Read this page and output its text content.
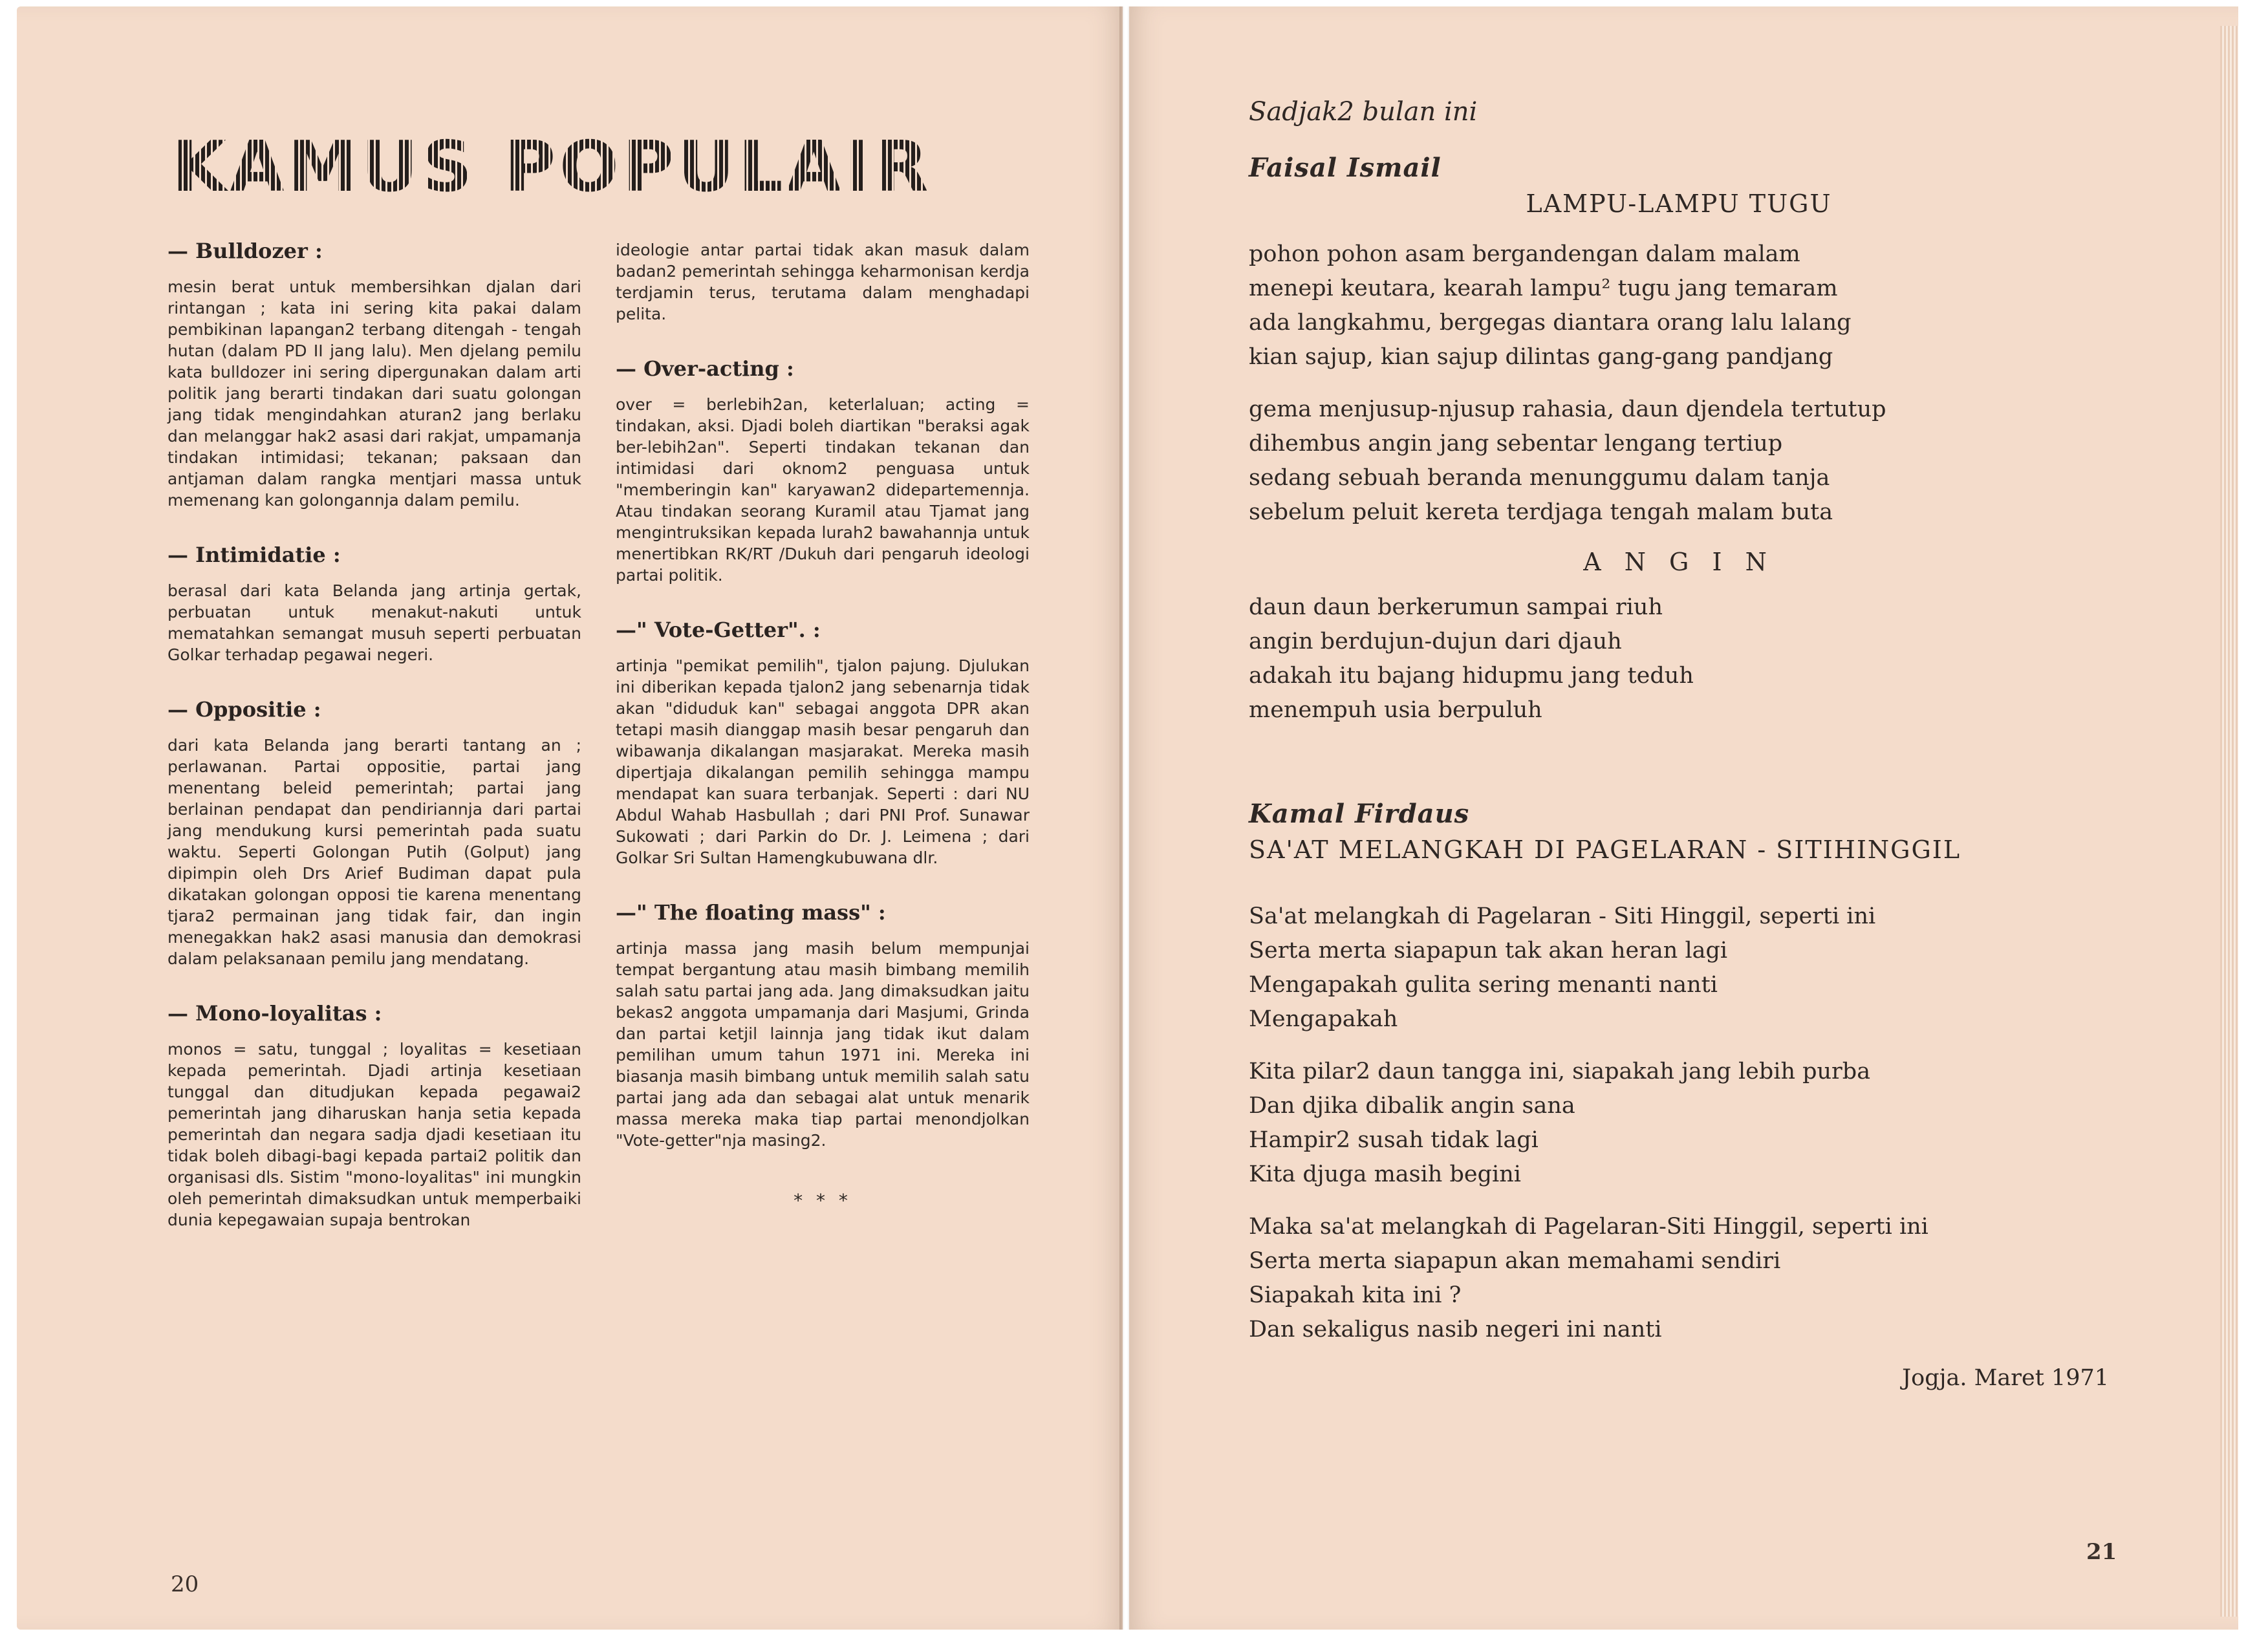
KAMUS POPULAIR
— Bulldozer :

mesin berat untuk membersihkan djalan dari rintangan ; kata ini sering kita pakai dalam pembikinan lapangan2 terbang ditengah - tengah hutan (dalam PD II jang lalu). Men djelang pemilu kata bulldozer ini sering dipergunakan dalam arti politik jang berarti tindakan dari suatu golongan jang tidak mengindahkan aturan2 jang berlaku dan melanggar hak2 asasi dari rakjat, umpamanja tindakan intimidasi; tekanan; paksaan dan antjaman dalam rangka mentjari massa untuk memenang kan golongannja dalam pemilu.

— Intimidatie :

berasal dari kata Belanda jang artinja gertak, perbuatan untuk menakut-nakuti untuk mematahkan semangat musuh seperti perbuatan Golkar terhadap pegawai negeri.

— Oppositie :

dari kata Belanda jang berarti tantang an ; perlawanan. Partai oppositie, partai jang menentang beleid pemerintah; partai jang berlainan pendapat dan pendiriannja dari partai jang mendukung kursi pemerintah pada suatu waktu. Seperti Golongan Putih (Golput) jang dipimpin oleh Drs Arief Budiman dapat pula dikatakan golongan opposi tie karena menentang tjara2 permainan jang tidak fair, dan ingin menegakkan hak2 asasi manusia dan demokrasi dalam pelaksanaan pemilu jang mendatang.

— Mono-loyalitas :

monos = satu, tunggal ; loyalitas = kesetiaan kepada pemerintah. Djadi artinja kesetiaan tunggal dan ditudjukan kepada pegawai2 pemerintah jang diharuskan hanja setia kepada pemerintah dan negara sadja djadi kesetiaan itu tidak boleh dibagi-bagi kepada partai2 politik dan organisasi dls. Sistim "mono-loyalitas" ini mungkin oleh pemerintah dimaksudkan untuk memperbaiki dunia kepegawaian supaja bentrokan

ideologie antar partai tidak akan masuk dalam badan2 pemerintah sehingga keharmonisan kerdja terdjamin terus, terutama dalam menghadapi pelita.

— Over-acting :

over = berlebih2an, keterlaluan; acting = tindakan, aksi. Djadi boleh diartikan "beraksi agak ber-lebih2an". Seperti tindakan tekanan dan intimidasi dari oknom2 penguasa untuk "memberingin kan" karyawan2 didepartemennja. Atau tindakan seorang Kuramil atau Tjamat jang mengintruksikan kepada lurah2 bawahannja untuk menertibkan RK/RT /Dukuh dari pengaruh ideologi partai politik.

—" Vote-Getter". :

artinja "pemikat pemilih", tjalon pajung. Djulukan ini diberikan kepada tjalon2 jang sebenarnja tidak akan "diduduk kan" sebagai anggota DPR akan tetapi masih dianggap masih besar pengaruh dan wibawanja dikalangan masjarakat. Mereka masih dipertjaja dikalangan pemilih sehingga mampu mendapat kan suara terbanjak. Seperti : dari NU Abdul Wahab Hasbullah ; dari PNI Prof. Sunawar Sukowati ; dari Parkin do Dr. J. Leimena ; dari Golkar Sri Sultan Hamengkubuwana dlr.

—" The floating mass" :

artinja massa jang masih belum mempunjai tempat bergantung atau masih bimbang memilih salah satu partai jang ada. Jang dimaksudkan jaitu bekas2 anggota umpamanja dari Masjumi, Grinda dan partai ketjil lainnja jang tidak ikut dalam pemilihan umum tahun 1971 ini. Mereka ini biasanja masih bimbang untuk memilih salah satu partai jang ada dan sebagai alat untuk menarik massa mereka maka tiap partai menondjolkan "Vote-getter"nja masing2.

* * *
20
21
Sadjak2 bulan ini
Faisal Ismail
LAMPU-LAMPU TUGU
pohon pohon asam bergandengan dalam malam
menepi keutara, kearah lampu² tugu jang temaram
ada langkahmu, bergegas diantara orang lalu lalang
kian sajup, kian sajup dilintas gang-gang pandjang
gema menjusup-njusup rahasia, daun djendela tertutup
dihembus angin jang sebentar lengang tertiup
sedang sebuah beranda menunggumu dalam tanja
sebelum peluit kereta terdjaga tengah malam buta
A N G I N
daun daun berkerumun sampai riuh
angin berdujun-dujun dari djauh
adakah itu bajang hidupmu jang teduh
menempuh usia berpuluh
Kamal Firdaus
SA'AT MELANGKAH DI PAGELARAN - SITIHINGGIL
Sa'at melangkah di Pagelaran - Siti Hinggil, seperti ini
Serta merta siapapun tak akan heran lagi
Mengapakah gulita sering menanti nanti
Mengapakah
Kita pilar2 daun tangga ini, siapakah jang lebih purba
Dan djika dibalik angin sana
Hampir2 susah tidak lagi
Kita djuga masih begini
Maka sa'at melangkah di Pagelaran-Siti Hinggil, seperti ini
Serta merta siapapun akan memahami sendiri
Siapakah kita ini ?
Dan sekaligus nasib negeri ini nanti
Jogja. Maret 1971
